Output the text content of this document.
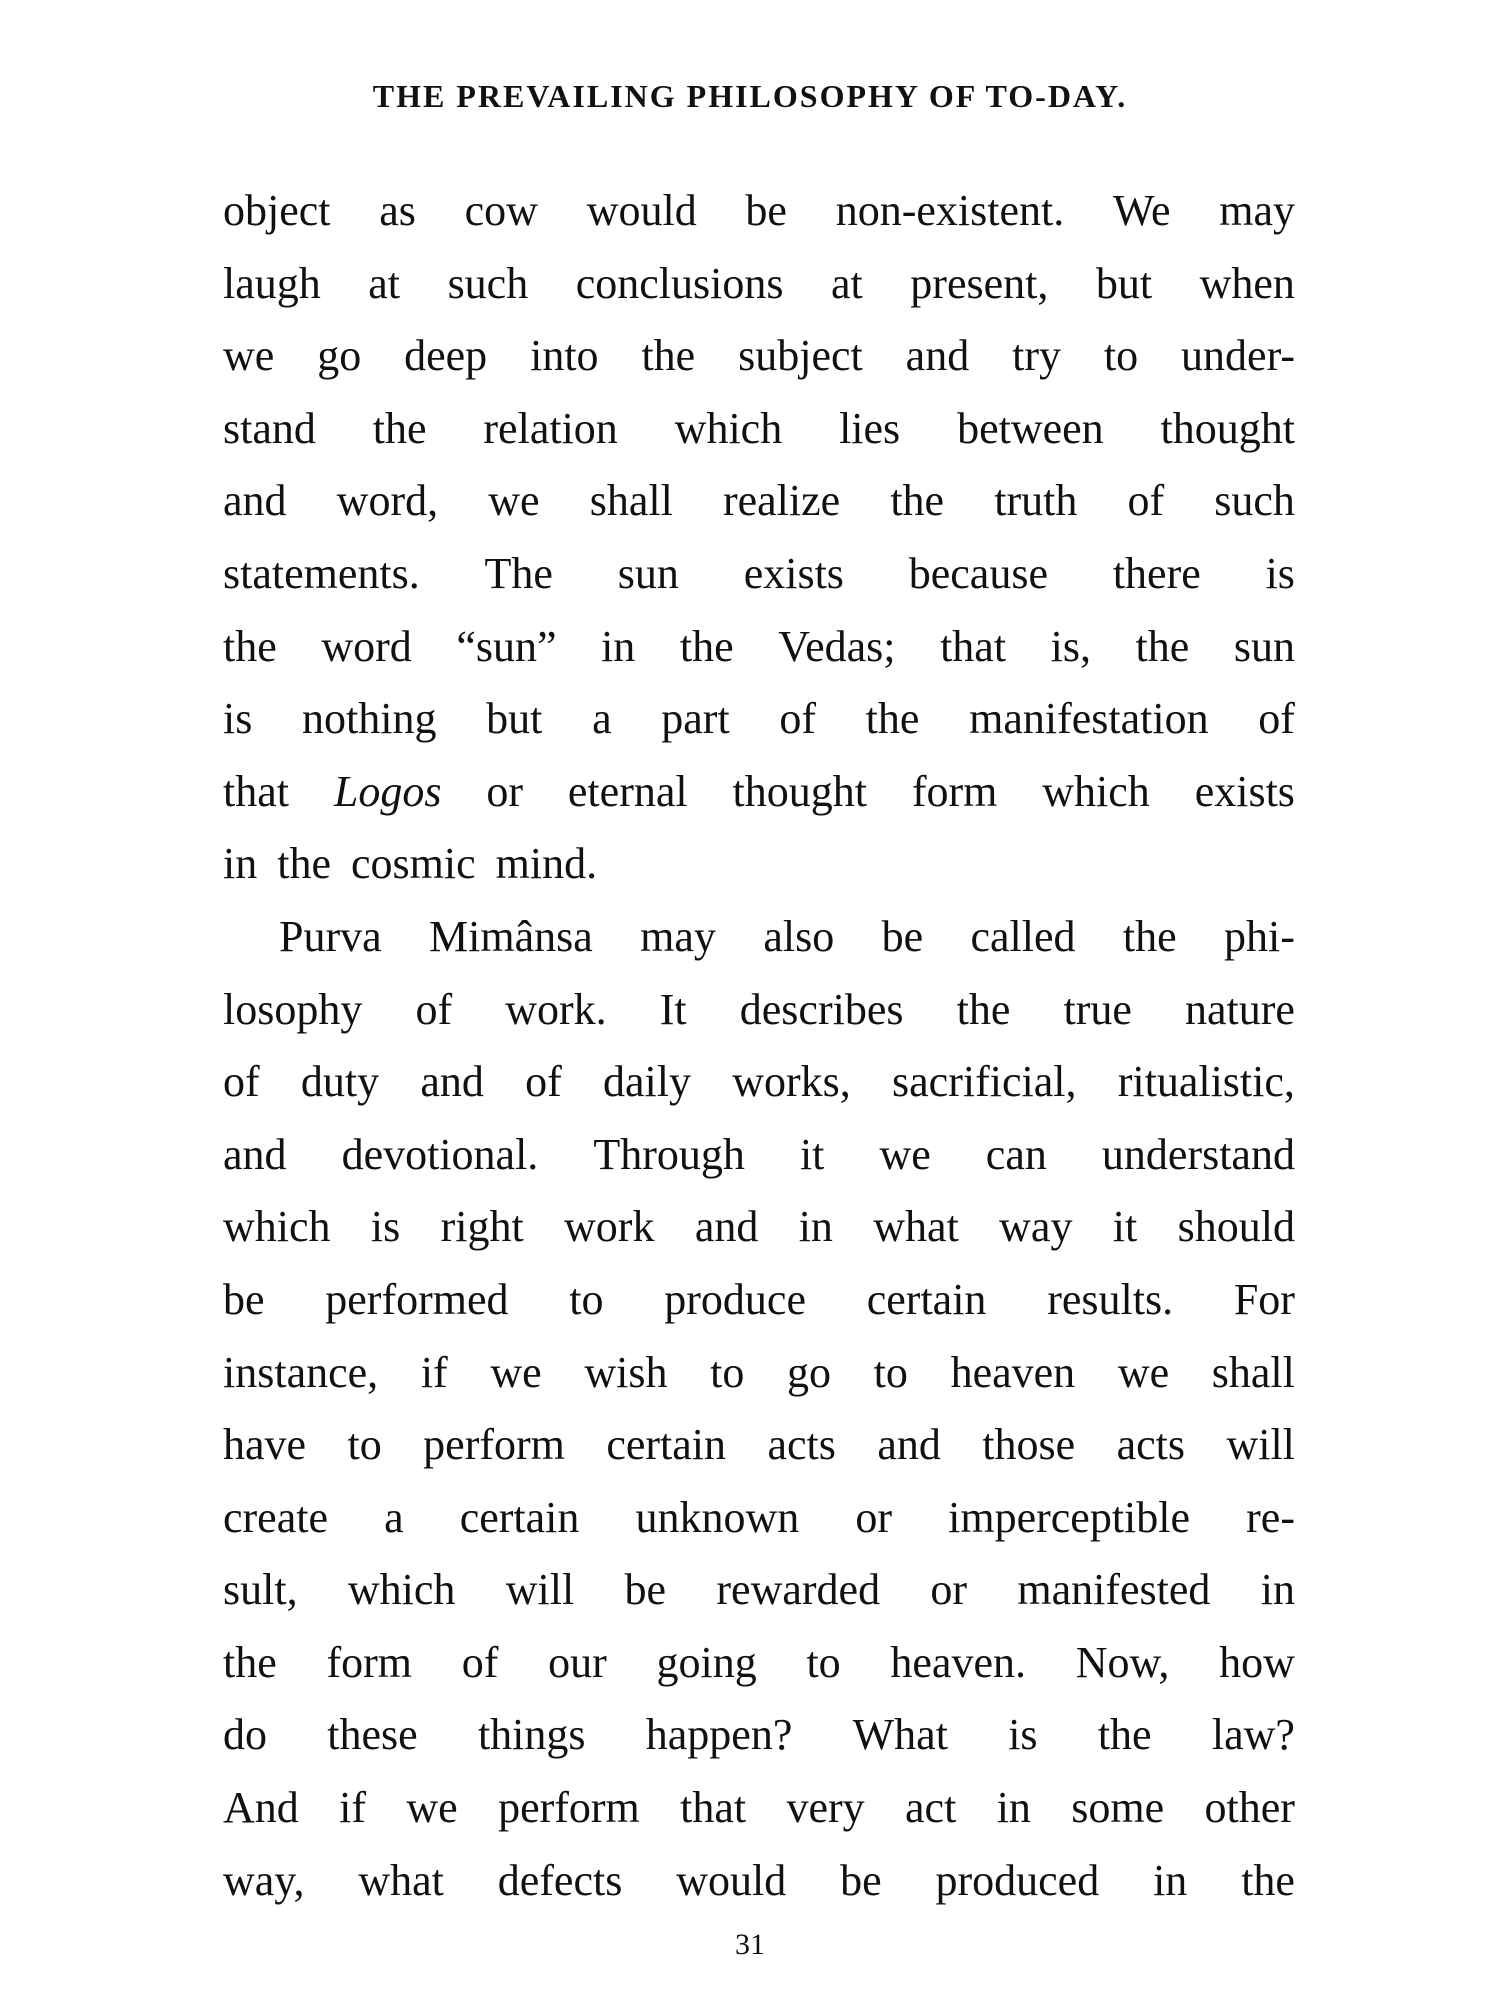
THE PREVAILING PHILOSOPHY OF TO-DAY.
object as cow would be non-existent. We may
laugh at such conclusions at present, but when
we go deep into the subject and try to under-
stand the relation which lies between thought
and word, we shall realize the truth of such
statements. The sun exists because there is
the word “sun” in the Vedas; that is, the sun
is nothing but a part of the manifestation of
that Logos or eternal thought form which exists
in the cosmic mind.
Purva Mimânsa may also be called the phi-
losophy of work. It describes the true nature
of duty and of daily works, sacrificial, ritualistic,
and devotional. Through it we can understand
which is right work and in what way it should
be performed to produce certain results. For
instance, if we wish to go to heaven we shall
have to perform certain acts and those acts will
create a certain unknown or imperceptible re-
sult, which will be rewarded or manifested in
the form of our going to heaven. Now, how
do these things happen? What is the law?
And if we perform that very act in some other
way, what defects would be produced in the
31
